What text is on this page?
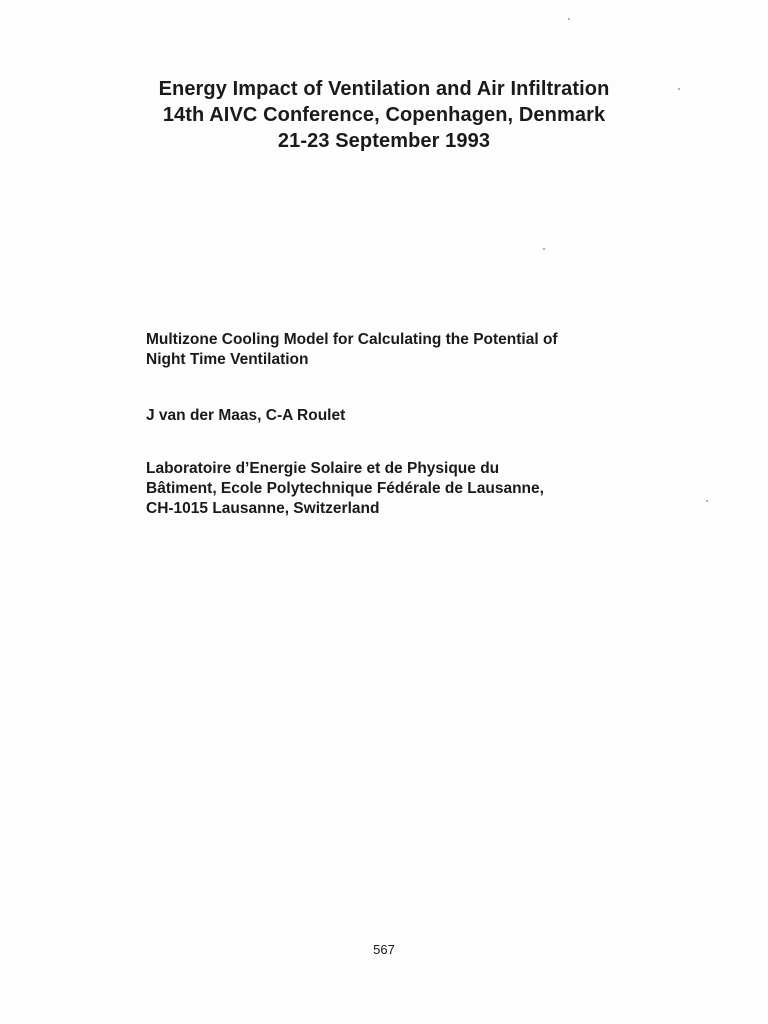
Energy Impact of Ventilation and Air Infiltration
14th AIVC Conference, Copenhagen, Denmark
21-23 September 1993
Multizone Cooling Model for Calculating the Potential of
Night Time Ventilation
J van der Maas, C-A Roulet
Laboratoire d’Energie Solaire et de Physique du
Bâtiment, Ecole Polytechnique Fédérale de Lausanne,
CH-1015 Lausanne, Switzerland
567
